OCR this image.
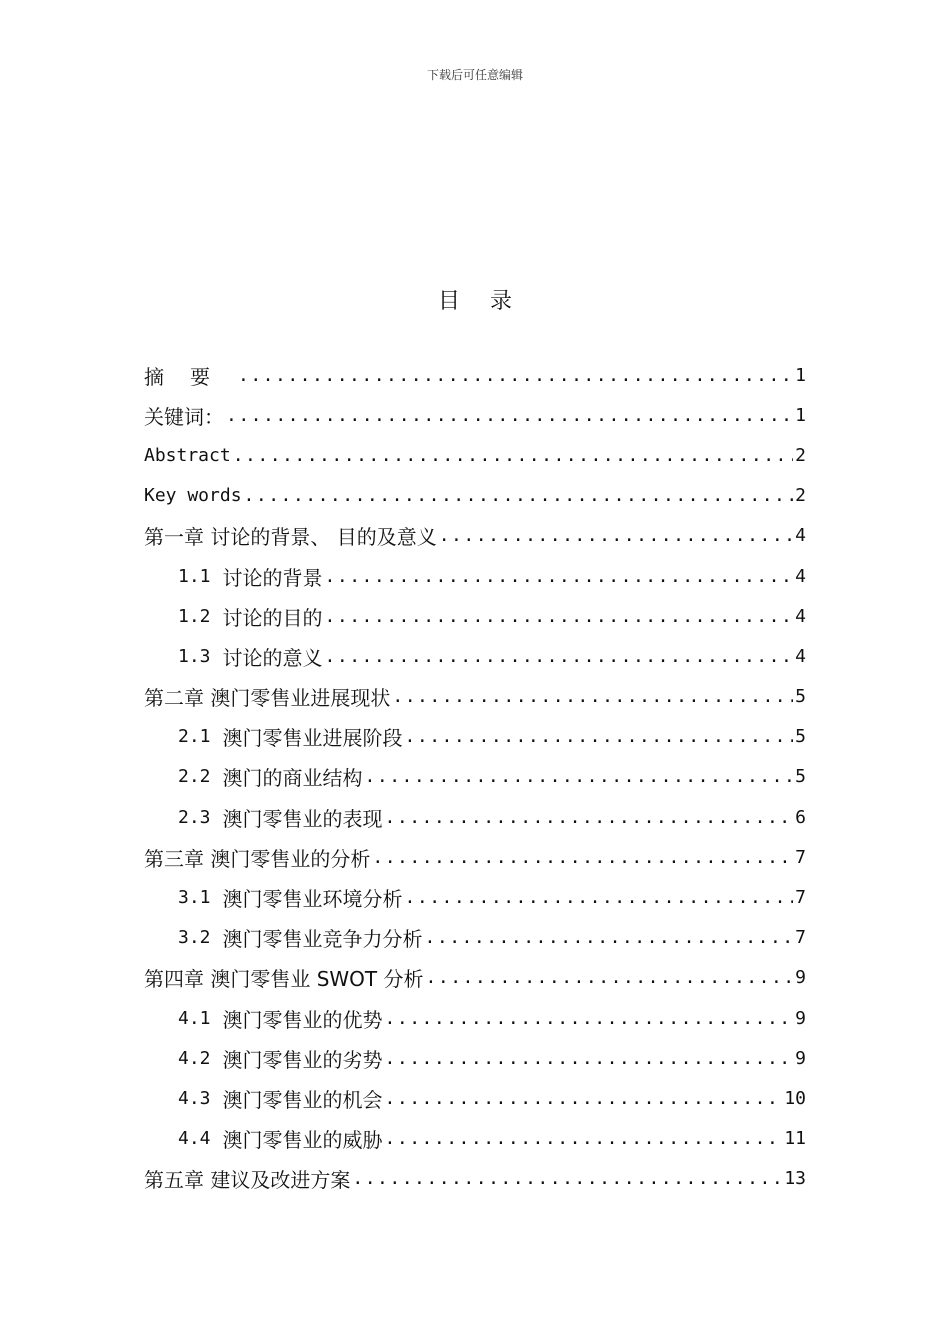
下载后可任意编辑
目录
摘要 .....	1
关键词： .....	1
Abstract .....	2
Key words .....	2
第一章 讨论的背景、 目的及意义 .....	4
1.1 讨论的背景 .....	4
1.2 讨论的目的 .....	4
1.3 讨论的意义 .....	4
第二章 澳门零售业进展现状 .....	5
2.1 澳门零售业进展阶段 .....	5
2.2 澳门的商业结构 .....	5
2.3 澳门零售业的表现 .....	6
第三章 澳门零售业的分析 .....	7
3.1 澳门零售业环境分析 .....	7
3.2 澳门零售业竞争力分析 .....	7
第四章 澳门零售业 SWOT 分析 .....	9
4.1 澳门零售业的优势 .....	9
4.2 澳门零售业的劣势 .....	9
4.3 澳门零售业的机会 .....	10
4.4 澳门零售业的威胁 .....	11
第五章 建议及改进方案 .....	13
